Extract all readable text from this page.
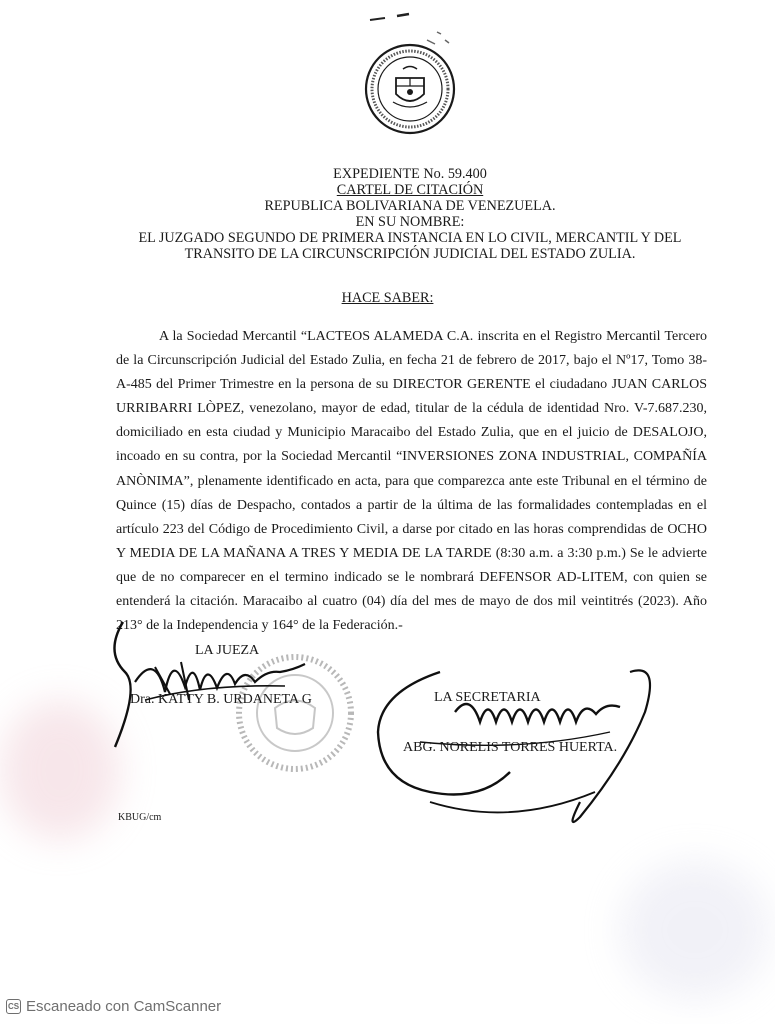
EXPEDIENTE No. 59.400
CARTEL DE CITACIÓN
REPUBLICA BOLIVARIANA DE VENEZUELA.
EN SU NOMBRE:
EL JUZGADO SEGUNDO DE PRIMERA INSTANCIA EN LO CIVIL, MERCANTIL Y DEL
TRANSITO DE LA CIRCUNSCRIPCIÓN JUDICIAL DEL ESTADO ZULIA.
HACE SABER:
A la Sociedad Mercantil “LACTEOS ALAMEDA C.A. inscrita en el Registro Mercantil Tercero de la Circunscripción Judicial del Estado Zulia, en fecha 21 de febrero de 2017, bajo el Nº17, Tomo 38-A-485 del Primer Trimestre en la persona de su DIRECTOR GERENTE el ciudadano JUAN CARLOS URRIBARRI LÒPEZ, venezolano, mayor de edad, titular de la cédula de identidad Nro. V-7.687.230, domiciliado en esta ciudad y Municipio Maracaibo del Estado Zulia, que en el juicio de DESALOJO, incoado en su contra, por la Sociedad Mercantil “INVERSIONES ZONA INDUSTRIAL, COMPAÑÍA ANÒNIMA”, plenamente identificado en acta, para que comparezca ante este Tribunal en el término de Quince (15) días de Despacho, contados a partir de la última de las formalidades contempladas en el artículo 223 del Código de Procedimiento Civil, a darse por citado en las horas comprendidas de OCHO Y MEDIA DE LA MAÑANA A TRES Y MEDIA DE LA TARDE (8:30 a.m. a 3:30 p.m.) Se le advierte que de no comparecer en el termino indicado se le nombrará DEFENSOR AD-LITEM, con quien se entenderá la citación. Maracaibo al cuatro (04) día del mes de mayo de dos mil veintitrés (2023). Año 213° de la Independencia y 164° de la Federación.-
LA JUEZA
Dra. KATTY B. URDANETA G	LA SECRETARIA
ABG. NORELIS TORRES HUERTA.
KBUG/cm
CS Escaneado con CamScanner
